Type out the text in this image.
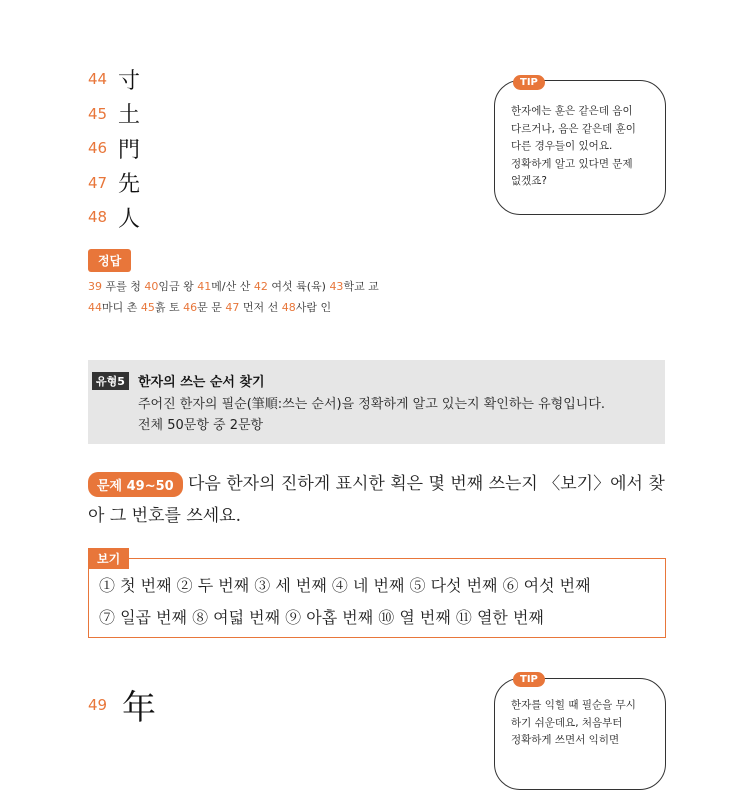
44 寸
45 土
46 門
47 先
48 人
한자에는 훈은 같은데 음이
다르거나, 음은 같은데 훈이
다른 경우들이 있어요.
정확하게 알고 있다면 문제
없겠죠?
TIP
정답
39 푸를 청 40임금 왕 41메/산 산 42 여섯 륙(육) 43학교 교
44마디 촌 45흙 토 46문 문 47 먼저 선 48사람 인
유형5	한자의 쓰는 순서 찾기
주어진 한자의 필순(筆順:쓰는 순서)을 정확하게 알고 있는지 확인하는 유형입니다.
전체 50문항 중 2문항
다음 한자의 진하게 표시한 획은 몇 번째 쓰는지 〈보기〉에서 찾아 그 번호를 쓰세요.
문제 49~50
① 첫 번째 ② 두 번째 ③ 세 번째 ④ 네 번째 ⑤ 다섯 번째 ⑥ 여섯 번째
⑦ 일곱 번째 ⑧ 여덟 번째 ⑨ 아홉 번째 ⑩ 열 번째 ⑪ 열한 번째
보기
49 年	한자를 익힐 때 필순을 무시
하기 쉬운데요, 처음부터
정확하게 쓰면서 익히면
TIP
